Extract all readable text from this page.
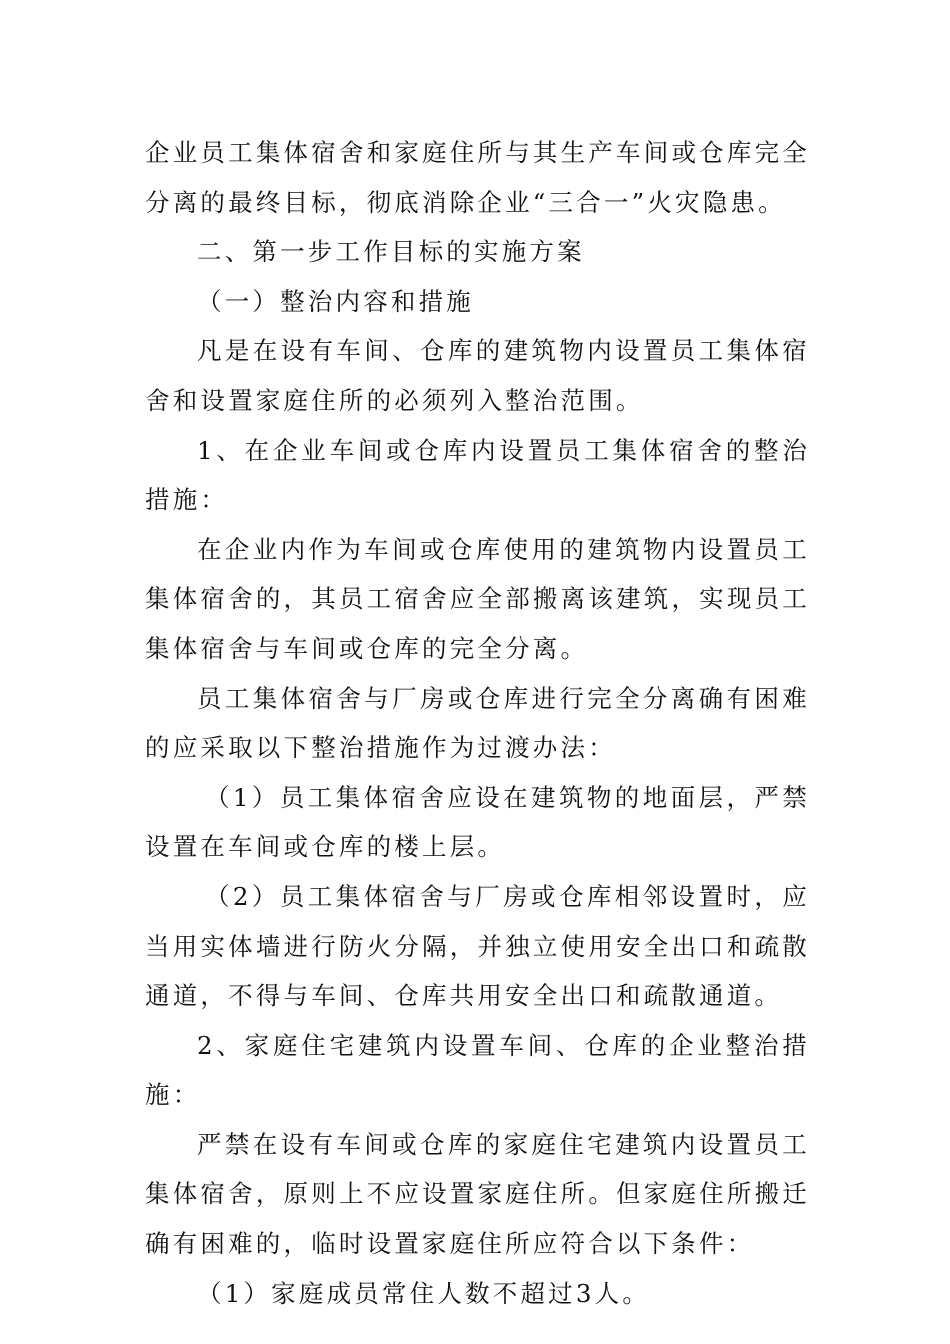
企业员工集体宿舍和家庭住所与其生产车间或仓库完全分离的最终目标，彻底消除企业“三合一”火灾隐患。

二、第一步工作目标的实施方案

（一）整治内容和措施

凡是在设有车间、仓库的建筑物内设置员工集体宿舍和设置家庭住所的必须列入整治范围。

1、在企业车间或仓库内设置员工集体宿舍的整治措施：

在企业内作为车间或仓库使用的建筑物内设置员工集体宿舍的，其员工宿舍应全部搬离该建筑，实现员工集体宿舍与车间或仓库的完全分离。

员工集体宿舍与厂房或仓库进行完全分离确有困难的应采取以下整治措施作为过渡办法：

（1）员工集体宿舍应设在建筑物的地面层，严禁设置在车间或仓库的楼上层。

（2）员工集体宿舍与厂房或仓库相邻设置时，应当用实体墙进行防火分隔，并独立使用安全出口和疏散通道，不得与车间、仓库共用安全出口和疏散通道。

2、家庭住宅建筑内设置车间、仓库的企业整治措施：

严禁在设有车间或仓库的家庭住宅建筑内设置员工集体宿舍，原则上不应设置家庭住所。但家庭住所搬迁确有困难的，临时设置家庭住所应符合以下条件：

（1）家庭成员常住人数不超过3人。
